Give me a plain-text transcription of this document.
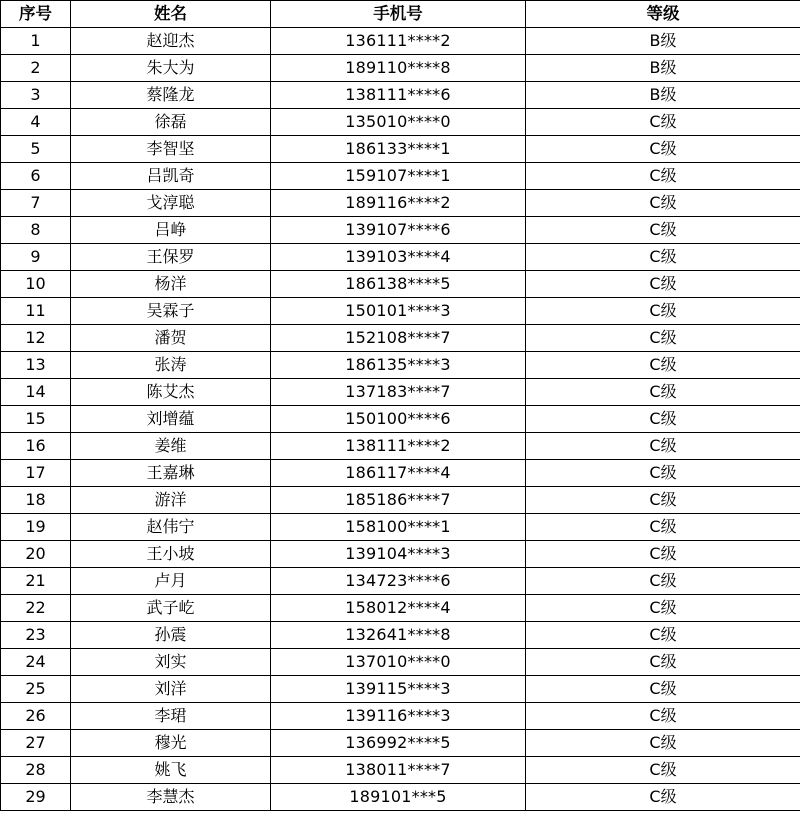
序号	姓名	手机号	等级
1	赵迎杰	136111****2	B级
2	朱大为	189110****8	B级
3	蔡隆龙	138111****6	B级
4	徐磊	135010****0	C级
5	李智坚	186133****1	C级
6	吕凯奇	159107****1	C级
7	戈淳聪	189116****2	C级
8	吕峥	139107****6	C级
9	王保罗	139103****4	C级
10	杨洋	186138****5	C级
11	吴霖子	150101****3	C级
12	潘贺	152108****7	C级
13	张涛	186135****3	C级
14	陈艾杰	137183****7	C级
15	刘增蕴	150100****6	C级
16	姜维	138111****2	C级
17	王嘉琳	186117****4	C级
18	游洋	185186****7	C级
19	赵伟宁	158100****1	C级
20	王小坡	139104****3	C级
21	卢月	134723****6	C级
22	武子屹	158012****4	C级
23	孙震	132641****8	C级
24	刘实	137010****0	C级
25	刘洋	139115****3	C级
26	李珺	139116****3	C级
27	穆光	136992****5	C级
28	姚飞	138011****7	C级
29	李慧杰	189101***5	C级
